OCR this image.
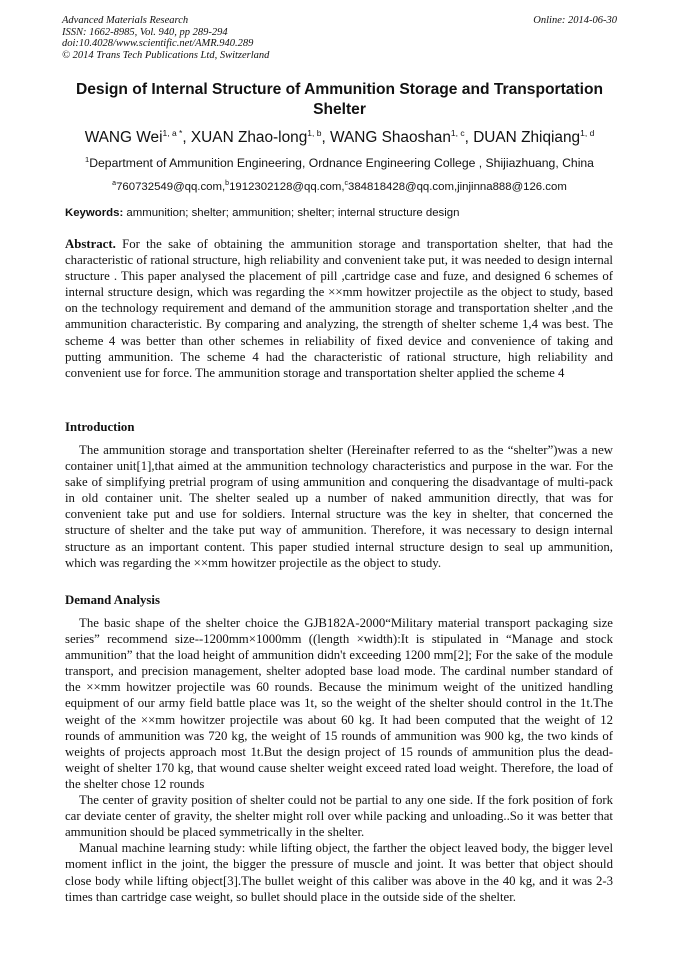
Advanced Materials Research
ISSN: 1662-8985, Vol. 940, pp 289-294
doi:10.4028/www.scientific.net/AMR.940.289
© 2014 Trans Tech Publications Ltd, Switzerland
Online: 2014-06-30
Design of Internal Structure of Ammunition Storage and Transportation Shelter
WANG Wei$^{1, a *}$, XUAN Zhao-long$^{1, b}$, WANG Shaoshan$^{1, c}$, DUAN Zhiqiang$^{1, d}$
$^1$Department of Ammunition Engineering, Ordnance Engineering College , Shijiazhuang, China
$^a$760732549@qq.com,$^b$1912302128@qq.com,$^c$384818428@qq.com,jinjinna888@126.com
Keywords: ammunition; shelter; ammunition; shelter; internal structure design

Abstract. For the sake of obtaining the ammunition storage and transportation shelter, that had the characteristic of rational structure, high reliability and convenient take put, it was needed to design internal structure . This paper analysed the placement of pill ,cartridge case and fuze, and designed 6 schemes of internal structure design, which was regarding the ××mm howitzer projectile as the object to study, based on the technology requirement and demand of the ammunition storage and transportation shelter ,and the ammunition characteristic. By comparing and analyzing, the strength of shelter scheme 1,4 was best. The scheme 4 was better than other schemes in reliability of fixed device and convenience of taking and putting ammunition. The scheme 4 had the characteristic of rational structure, high reliability and convenient use for force. The ammunition storage and transportation shelter applied the scheme 4

Introduction

The ammunition storage and transportation shelter (Hereinafter referred to as the “shelter”)was a new container unit[1],that aimed at the ammunition technology characteristics and purpose in the war. For the sake of simplifying pretrial program of using ammunition and conquering the disadvantage of multi-pack in old container unit. The shelter sealed up a number of naked ammunition directly, that was for convenient take put and use for soldiers. Internal structure was the key in shelter, that concerned the structure of shelter and the take put way of ammunition. Therefore, it was necessary to design internal structure as an important content. This paper studied internal structure design to seal up ammunition, which was regarding the ××mm howitzer projectile as the object to study.

Demand Analysis

The basic shape of the shelter choice the GJB182A-2000“Military material transport packaging size series” recommend size--1200mm×1000mm ((length ×width):It is stipulated in “Manage and stock ammunition” that the load height of ammunition didn't exceeding 1200 mm[2]; For the sake of the module transport, and precision management, shelter adopted base load mode. The cardinal number standard of the ××mm howitzer projectile was 60 rounds. Because the minimum weight of the unitized handling equipment of our army field battle place was 1t, so the weight of the shelter should control in the 1t.The weight of the ××mm howitzer projectile was about 60 kg. It had been computed that the weight of 12 rounds of ammunition was 720 kg, the weight of 15 rounds of ammunition was 900 kg, the two kinds of weights of projects approach most 1t.But the design project of 15 rounds of ammunition plus the dead-weight of shelter 170 kg, that wound cause shelter weight exceed rated load weight. Therefore, the load of the shelter chose 12 rounds

The center of gravity position of shelter could not be partial to any one side. If the fork position of fork car deviate center of gravity, the shelter might roll over while packing and unloading..So it was better that ammunition should be placed symmetrically in the shelter.

Manual machine learning study: while lifting object, the farther the object leaved body, the bigger level moment inflict in the joint, the bigger the pressure of muscle and joint. It was better that object should close body while lifting object[3].The bullet weight of this caliber was above in the 40 kg, and it was 2-3 times than cartridge case weight, so bullet should place in the outside side of the shelter.
